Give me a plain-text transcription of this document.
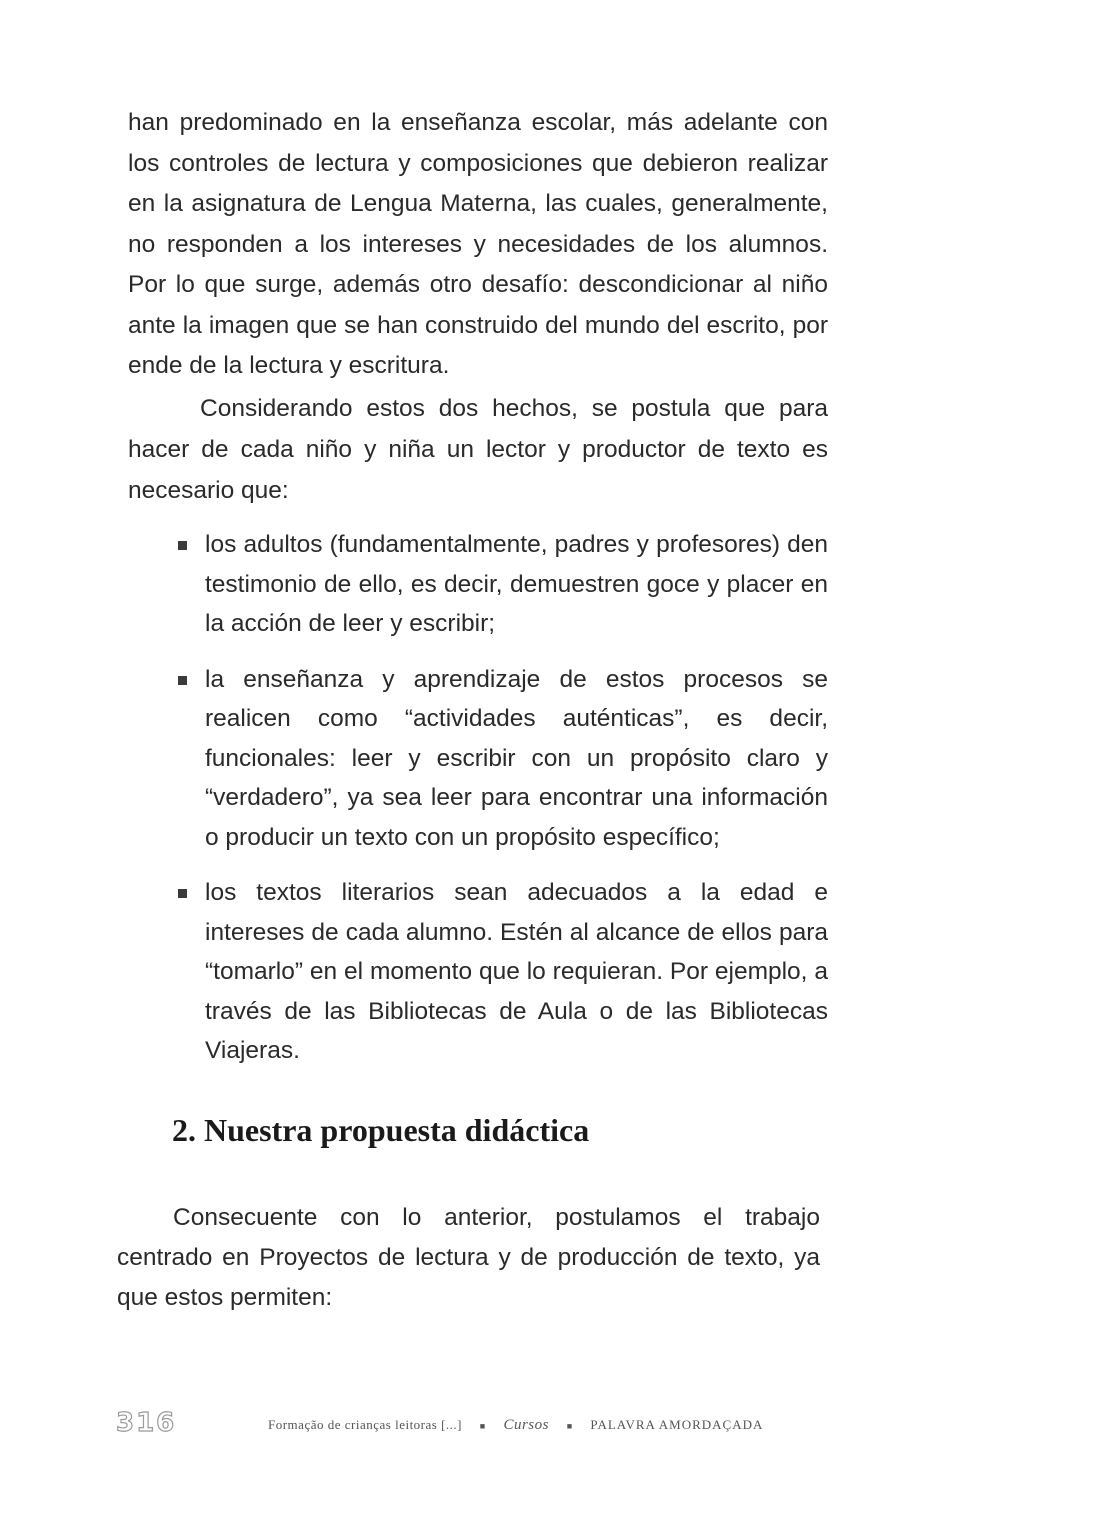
han predominado en la enseñanza escolar, más adelante con los controles de lectura y composiciones que debieron realizar en la asignatura de Lengua Materna, las cuales, generalmente, no responden a los intereses y necesidades de los alumnos. Por lo que surge, además otro desafío: descondicionar al niño ante la imagen que se han construido del mundo del escrito, por ende de la lectura y escritura.

Considerando estos dos hechos, se postula que para hacer de cada niño y niña un lector y productor de texto es necesario que:

los adultos (fundamentalmente, padres y profesores) den testimonio de ello, es decir, demuestren goce y placer en la acción de leer y escribir;
la enseñanza y aprendizaje de estos procesos se realicen como “actividades auténticas”, es decir, funcionales: leer y escribir con un propósito claro y “verdadero”, ya sea leer para encontrar una información o producir un texto con un propósito específico;
los textos literarios sean adecuados a la edad e intereses de cada alumno. Estén al alcance de ellos para “tomarlo” en el momento que lo requieran. Por ejemplo, a través de las Bibliotecas de Aula o de las Bibliotecas Viajeras.
2. Nuestra propuesta didáctica

Consecuente con lo anterior, postulamos el trabajo centrado en Proyectos de lectura y de producción de texto, ya que estos permiten:

316	Formação de crianças leitoras [...] ■ Cursos ■ PALAVRA AMORDAÇADA
